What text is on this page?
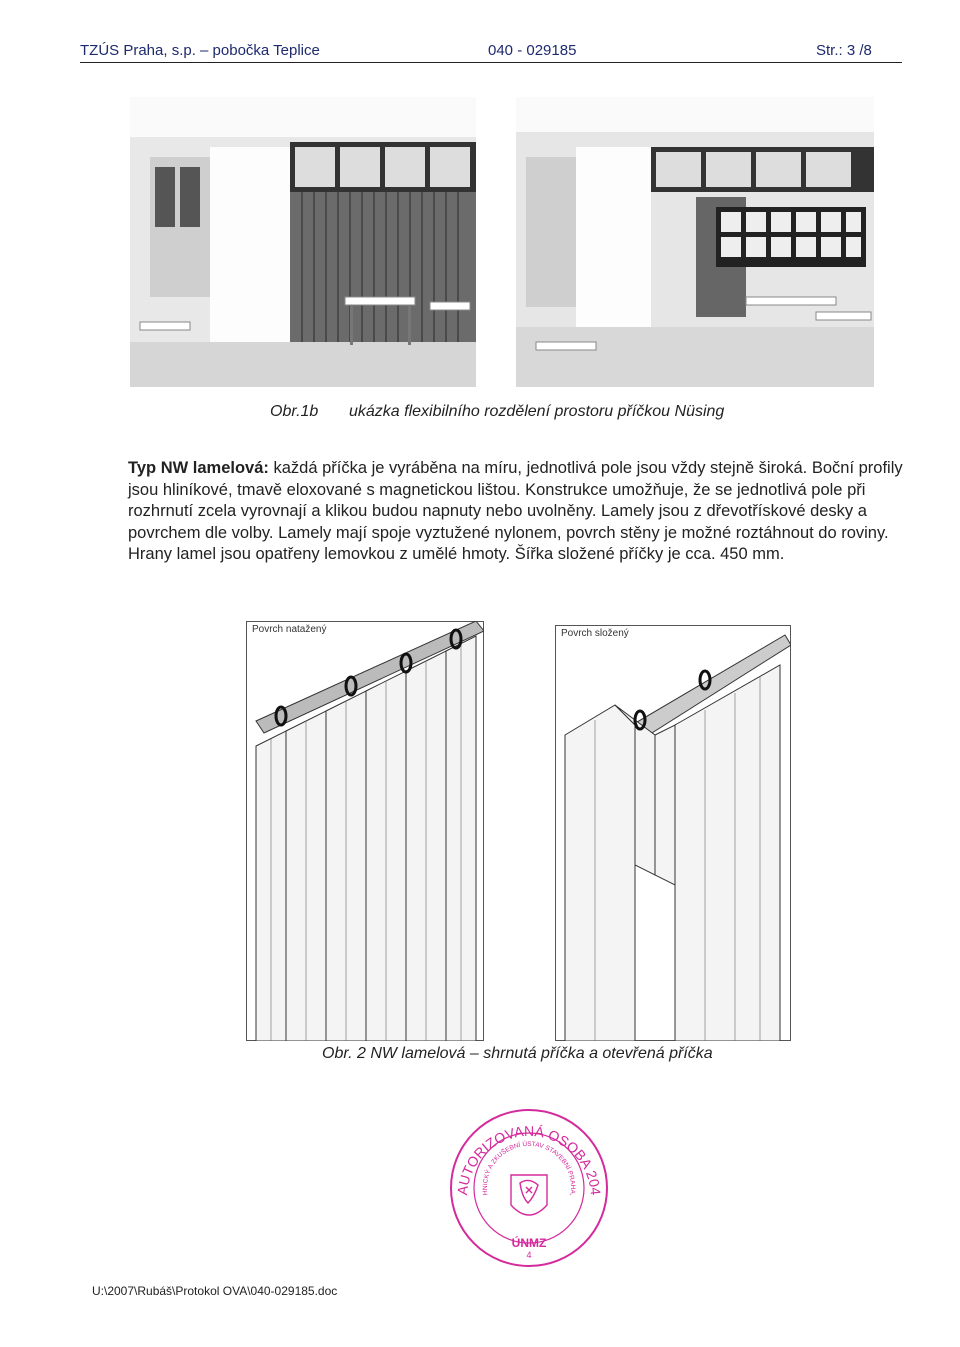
TZÚS Praha, s.p. – pobočka Teplice	040 - 029185	Str.: 3 /8
Obr.1b ukázka flexibilního rozdělení prostoru příčkou Nüsing
Typ NW lamelová: každá příčka je vyráběna na míru, jednotlivá pole jsou vždy stejně široká. Boční profily jsou hliníkové, tmavě eloxované s magnetickou lištou. Konstrukce umožňuje, že se jednotlivá pole při rozhrnutí zcela vyrovnají a klikou budou napnuty nebo uvolněny. Lamely jsou z dřevotřískové desky a povrchem dle volby. Lamely mají spoje vyztužené nylonem, povrch stěny je možné roztáhnout do roviny. Hrany lamel jsou opatřeny lemovkou z umělé hmoty. Šířka složené příčky je cca. 450 mm.
Povrch natažený	Povrch složený
Obr. 2 NW lamelová – shrnutá příčka a otevřená příčka
AUTORIZOVANÁ OSOBA 204
HNICKÝ A ZKUŠEBNÍ ÚSTAV STAVEBNÍ PRAHA,
ÚNMZ
4
U:\2007\Rubáš\Protokol OVA\040-029185.doc
